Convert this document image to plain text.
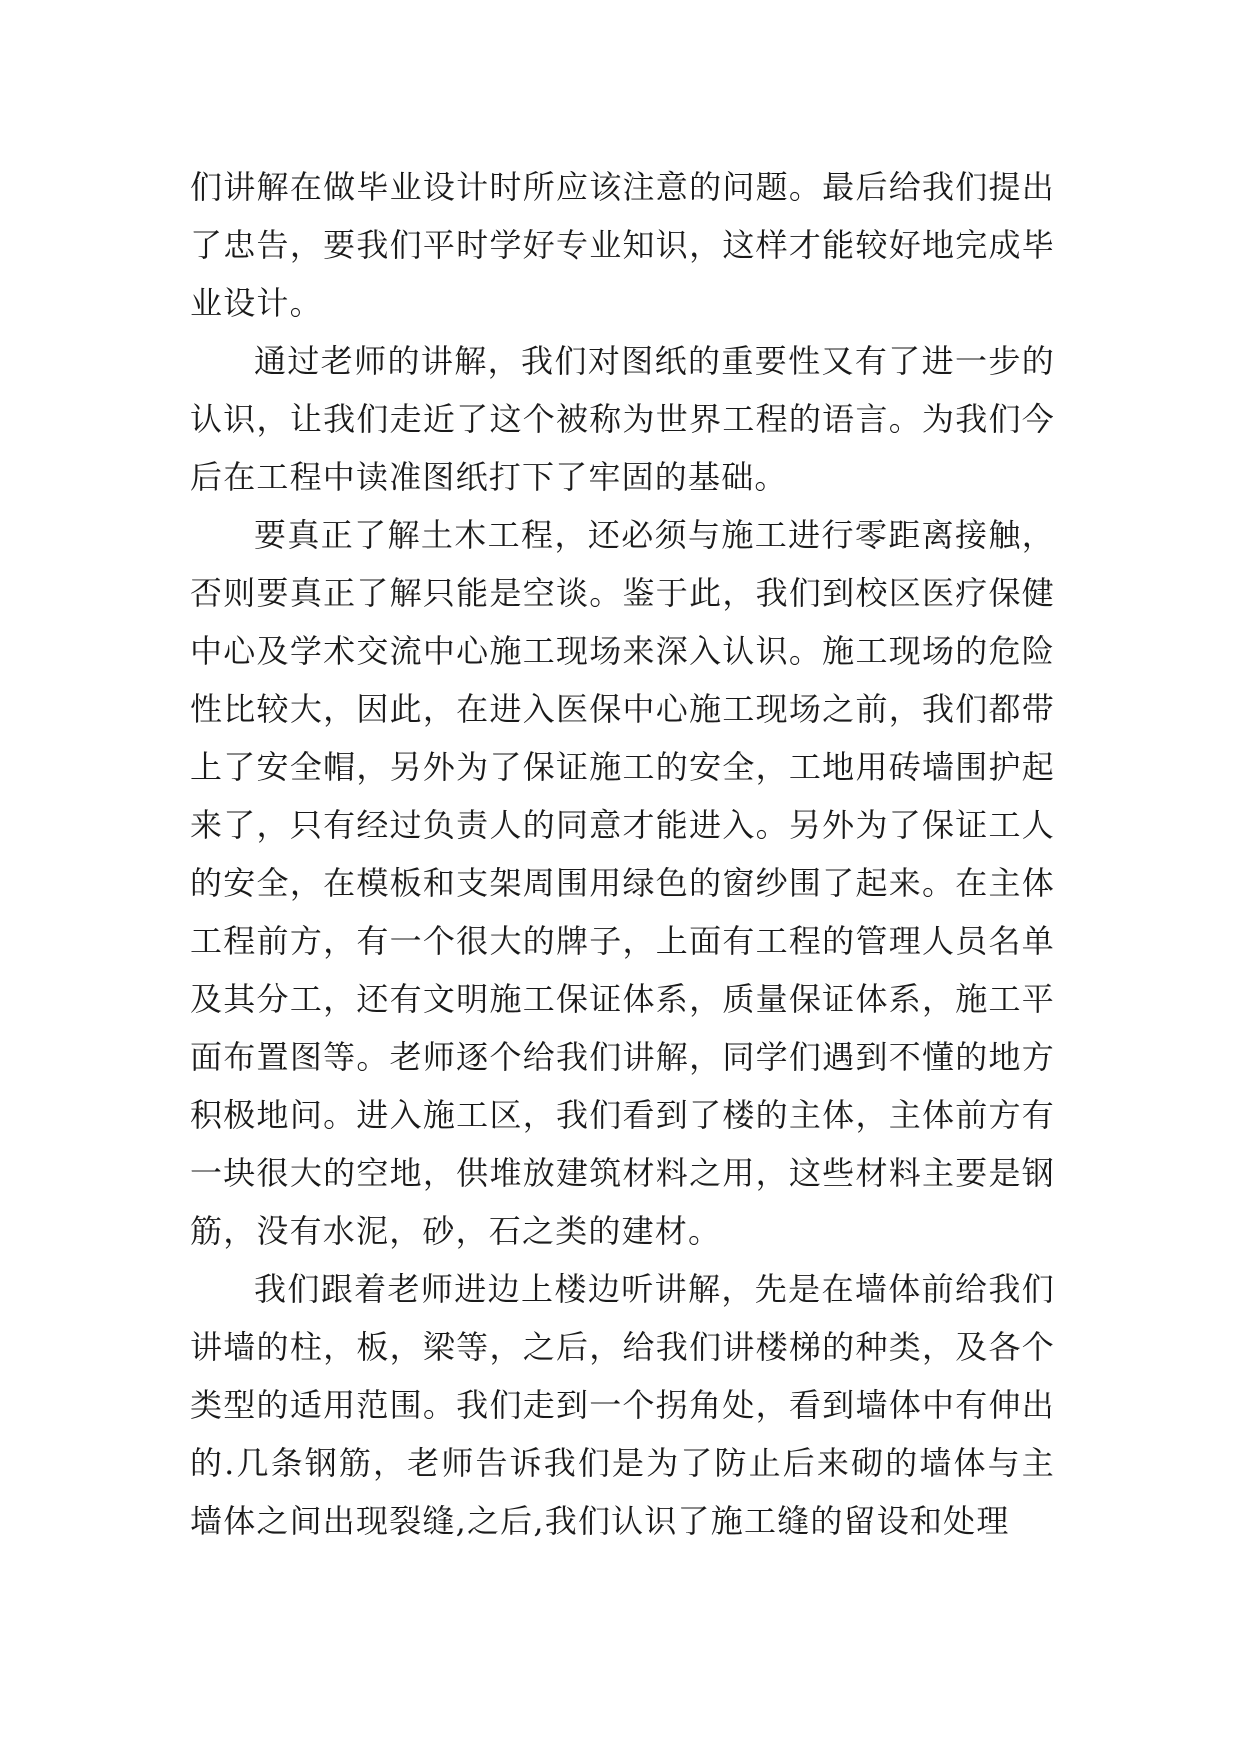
们讲解在做毕业设计时所应该注意的问题。最后给我们提出了忠告，要我们平时学好专业知识，这样才能较好地完成毕业设计。

通过老师的讲解，我们对图纸的重要性又有了进一步的认识，让我们走近了这个被称为世界工程的语言。为我们今后在工程中读准图纸打下了牢固的基础。

要真正了解土木工程，还必须与施工进行零距离接触，否则要真正了解只能是空谈。鉴于此，我们到校区医疗保健中心及学术交流中心施工现场来深入认识。施工现场的危险性比较大，因此，在进入医保中心施工现场之前，我们都带上了安全帽，另外为了保证施工的安全，工地用砖墙围护起来了，只有经过负责人的同意才能进入。另外为了保证工人的安全，在模板和支架周围用绿色的窗纱围了起来。在主体工程前方，有一个很大的牌子，上面有工程的管理人员名单及其分工，还有文明施工保证体系，质量保证体系，施工平面布置图等。老师逐个给我们讲解，同学们遇到不懂的地方积极地问。进入施工区，我们看到了楼的主体，主体前方有一块很大的空地，供堆放建筑材料之用，这些材料主要是钢筋，没有水泥，砂，石之类的建材。

我们跟着老师进边上楼边听讲解，先是在墙体前给我们讲墙的柱，板，梁等，之后，给我们讲楼梯的种类，及各个类型的适用范围。我们走到一个拐角处，看到墙体中有伸出的.几条钢筋，老师告诉我们是为了防止后来砌的墙体与主墙体之间出现裂缝,之后,我们认识了施工缝的留设和处理
